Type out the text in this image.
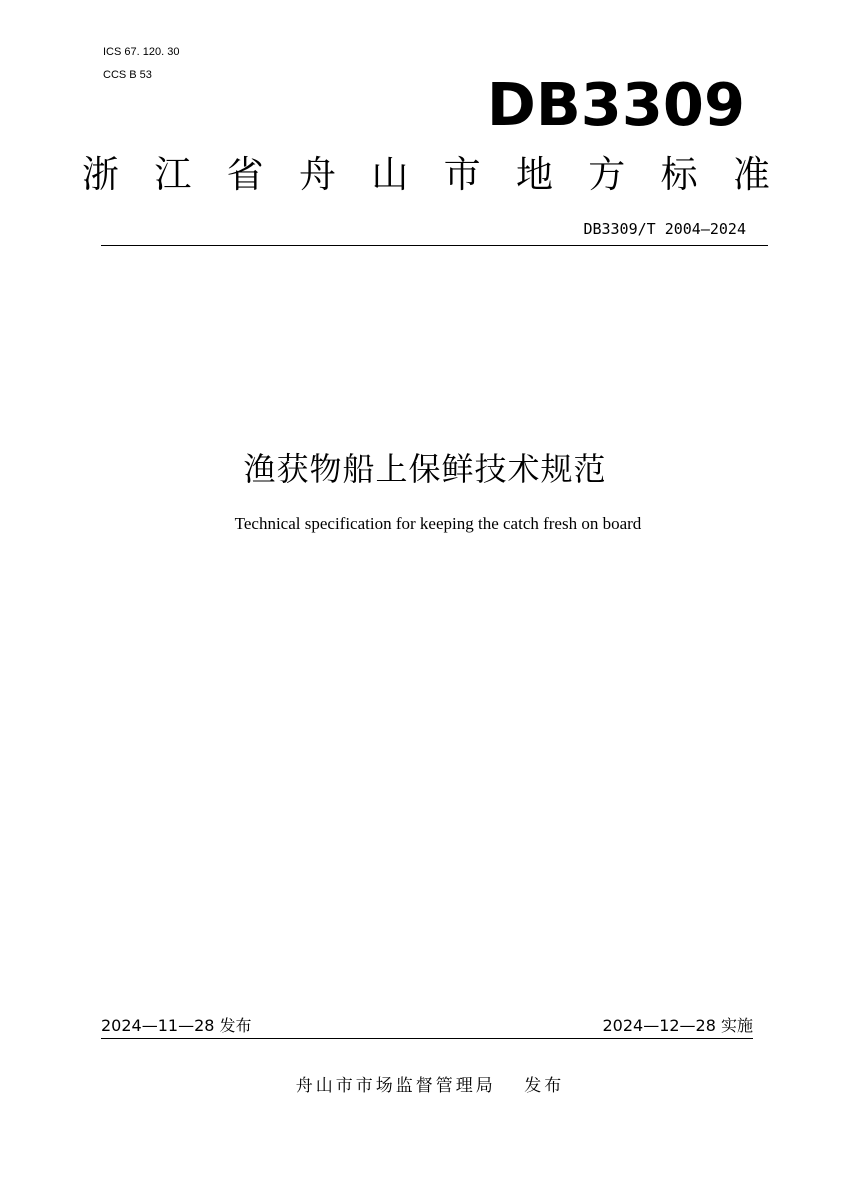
ICS 67. 120. 30
CCS B 53	DB3309
浙 江 省 舟 山 市 地 方 标 准
DB3309/T 2004—2024
渔获物船上保鲜技术规范
Technical specification for keeping the catch fresh on board
2024—11—28 发布	2024—12—28 实施
舟山市市场监督管理局　 发布
